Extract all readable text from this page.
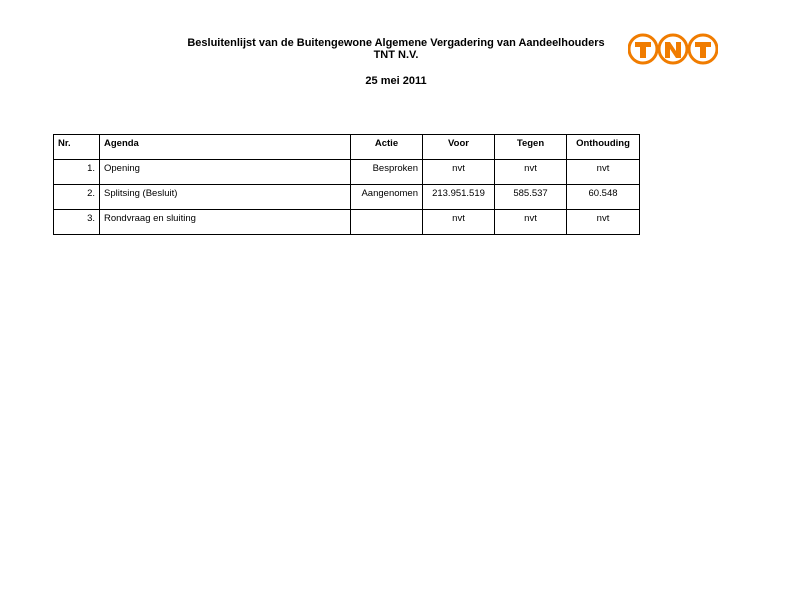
Besluitenlijst van de Buitengewone Algemene Vergadering van Aandeelhouders
TNT N.V.
25 mei 2011
Nr.	Agenda	Actie	Voor	Tegen	Onthouding
1.	Opening	Besproken	nvt	nvt	nvt
2.	Splitsing (Besluit)	Aangenomen	213.951.519	585.537	60.548
3.	Rondvraag en sluiting		nvt	nvt	nvt
